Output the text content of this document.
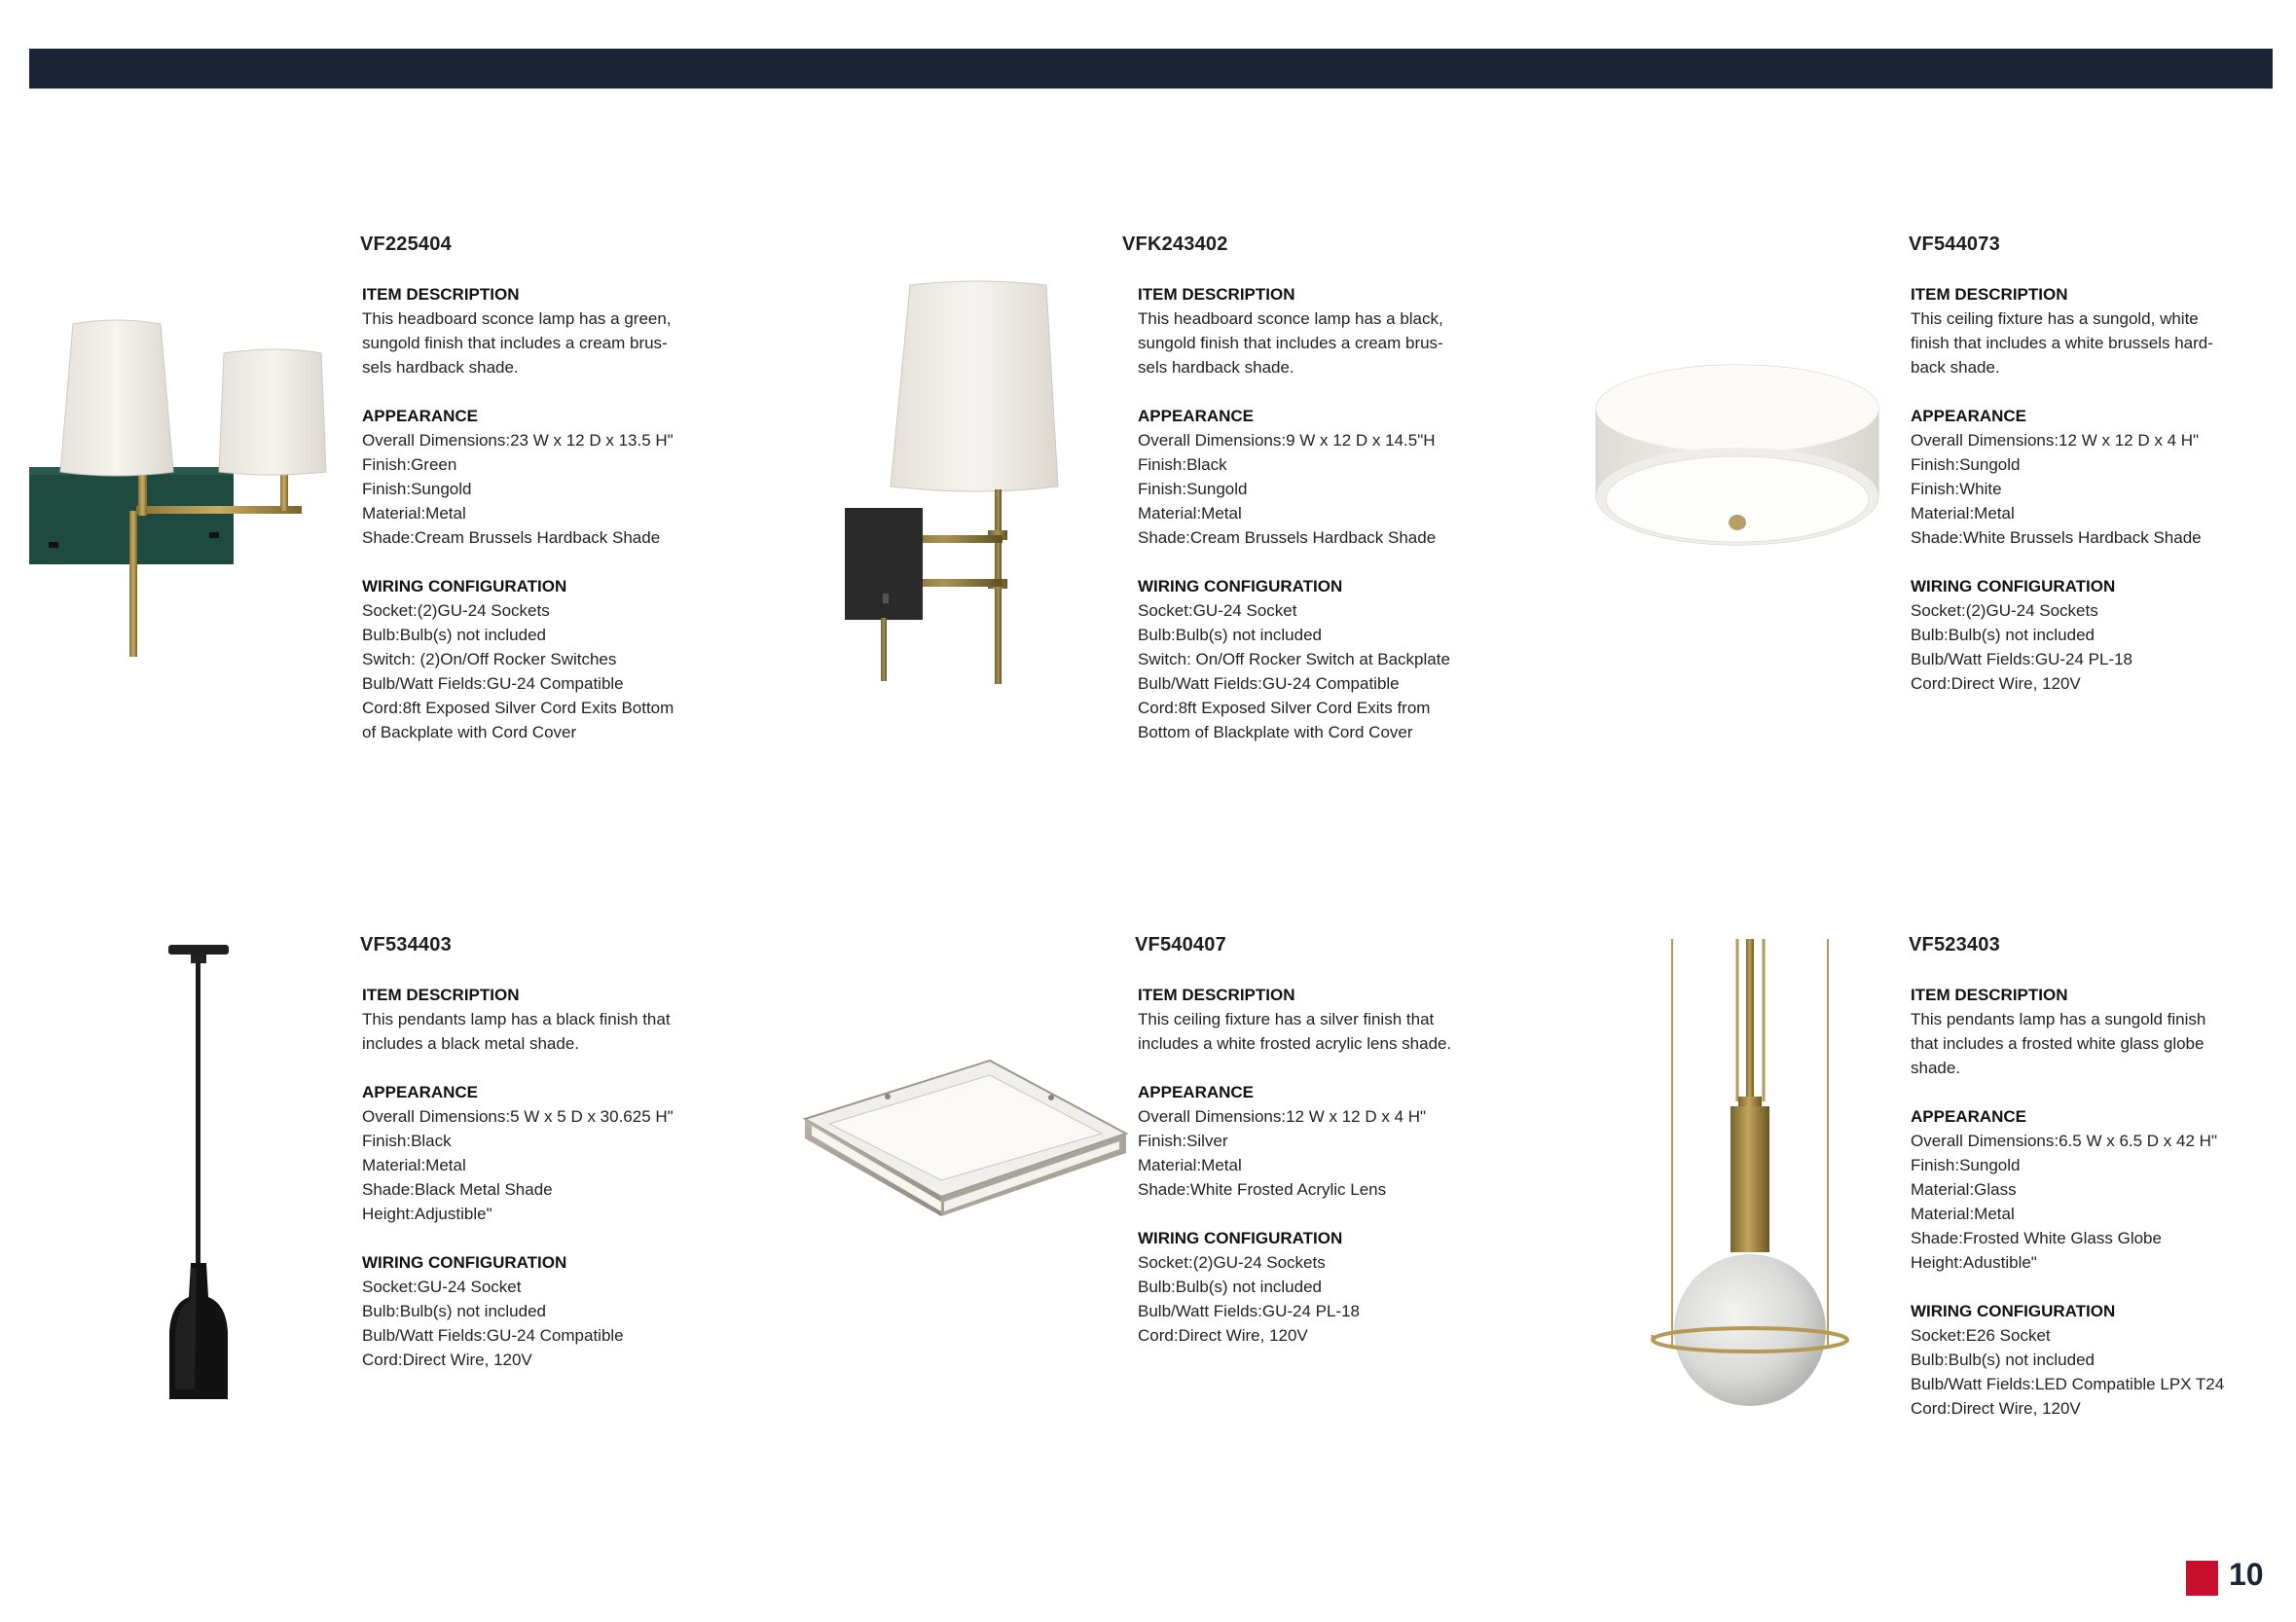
VF225404
ITEM DESCRIPTION
This headboard sconce lamp has a green,
sungold finish that includes a cream brus-
sels hardback shade.
APPEARANCE
Overall Dimensions:23 W x 12 D x 13.5 H"
Finish:Green
Finish:Sungold
Material:Metal
Shade:Cream Brussels Hardback Shade
WIRING CONFIGURATION
Socket:(2)GU-24 Sockets
Bulb:Bulb(s) not included
Switch: (2)On/Off Rocker Switches
Bulb/Watt Fields:GU-24 Compatible
Cord:8ft Exposed Silver Cord Exits Bottom
of Backplate with Cord Cover
VFK243402
ITEM DESCRIPTION
This headboard sconce lamp has a black,
sungold finish that includes a cream brus-
sels hardback shade.
APPEARANCE
Overall Dimensions:9 W x 12 D x 14.5"H
Finish:Black
Finish:Sungold
Material:Metal
Shade:Cream Brussels Hardback Shade
WIRING CONFIGURATION
Socket:GU-24 Socket
Bulb:Bulb(s) not included
Switch: On/Off Rocker Switch at Backplate
Bulb/Watt Fields:GU-24 Compatible
Cord:8ft Exposed Silver Cord Exits from
Bottom of Blackplate with Cord Cover
VF544073
ITEM DESCRIPTION
This ceiling fixture has a sungold, white
finish that includes a white brussels hard-
back shade.
APPEARANCE
Overall Dimensions:12 W x 12 D x 4 H"
Finish:Sungold
Finish:White
Material:Metal
Shade:White Brussels Hardback Shade
WIRING CONFIGURATION
Socket:(2)GU-24 Sockets
Bulb:Bulb(s) not included
Bulb/Watt Fields:GU-24 PL-18
Cord:Direct Wire, 120V
VF534403
ITEM DESCRIPTION
This pendants lamp has a black finish that
includes a black metal shade.
APPEARANCE
Overall Dimensions:5 W x 5 D x 30.625 H"
Finish:Black
Material:Metal
Shade:Black Metal Shade
Height:Adjustible"
WIRING CONFIGURATION
Socket:GU-24 Socket
Bulb:Bulb(s) not included
Bulb/Watt Fields:GU-24 Compatible
Cord:Direct Wire, 120V
VF540407
ITEM DESCRIPTION
This ceiling fixture has a silver finish that
includes a white frosted acrylic lens shade.
APPEARANCE
Overall Dimensions:12 W x 12 D x 4 H"
Finish:Silver
Material:Metal
Shade:White Frosted Acrylic Lens
WIRING CONFIGURATION
Socket:(2)GU-24 Sockets
Bulb:Bulb(s) not included
Bulb/Watt Fields:GU-24 PL-18
Cord:Direct Wire, 120V
VF523403
ITEM DESCRIPTION
This pendants lamp has a sungold finish
that includes a frosted white glass globe
shade.
APPEARANCE
Overall Dimensions:6.5 W x 6.5 D x 42 H"
Finish:Sungold
Material:Glass
Material:Metal
Shade:Frosted White Glass Globe
Height:Adustible"
WIRING CONFIGURATION
Socket:E26 Socket
Bulb:Bulb(s) not included
Bulb/Watt Fields:LED Compatible LPX T24
Cord:Direct Wire, 120V
10
